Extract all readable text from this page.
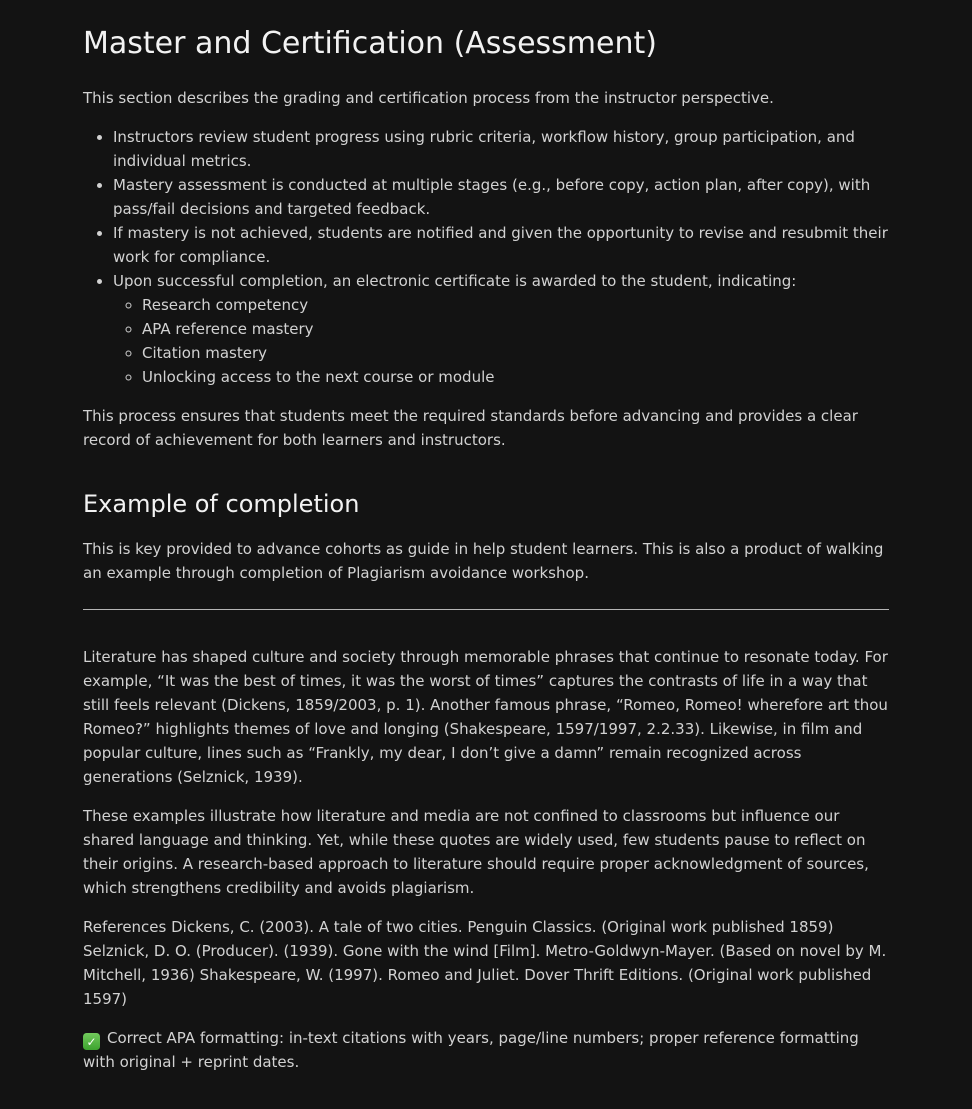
Master and Certification (Assessment)

This section describes the grading and certification process from the instructor perspective.

• Instructors review student progress using rubric criteria, workflow history, group participation, and individual metrics.
• Mastery assessment is conducted at multiple stages (e.g., before copy, action plan, after copy), with pass/fail decisions and targeted feedback.
• If mastery is not achieved, students are notified and given the opportunity to revise and resubmit their work for compliance.
• Upon successful completion, an electronic certificate is awarded to the student, indicating:
◦ Research competency
◦ APA reference mastery
◦ Citation mastery
◦ Unlocking access to the next course or module

This process ensures that students meet the required standards before advancing and provides a clear record of achievement for both learners and instructors.

Example of completion

This is key provided to advance cohorts as guide in help student learners. This is also a product of walking an example through completion of Plagiarism avoidance workshop.

Literature has shaped culture and society through memorable phrases that continue to resonate today. For example, “It was the best of times, it was the worst of times” captures the contrasts of life in a way that still feels relevant (Dickens, 1859/2003, p. 1). Another famous phrase, “Romeo, Romeo! wherefore art thou Romeo?” highlights themes of love and longing (Shakespeare, 1597/1997, 2.2.33). Likewise, in film and popular culture, lines such as “Frankly, my dear, I don’t give a damn” remain recognized across generations (Selznick, 1939).

These examples illustrate how literature and media are not confined to classrooms but influence our shared language and thinking. Yet, while these quotes are widely used, few students pause to reflect on their origins. A research-based approach to literature should require proper acknowledgment of sources, which strengthens credibility and avoids plagiarism.

References Dickens, C. (2003). A tale of two cities. Penguin Classics. (Original work published 1859) Selznick, D. O. (Producer). (1939). Gone with the wind [Film]. Metro-Goldwyn-Mayer. (Based on novel by M. Mitchell, 1936) Shakespeare, W. (1997). Romeo and Juliet. Dover Thrift Editions. (Original work published 1597)

✓ Correct APA formatting: in-text citations with years, page/line numbers; proper reference formatting with original + reprint dates.
